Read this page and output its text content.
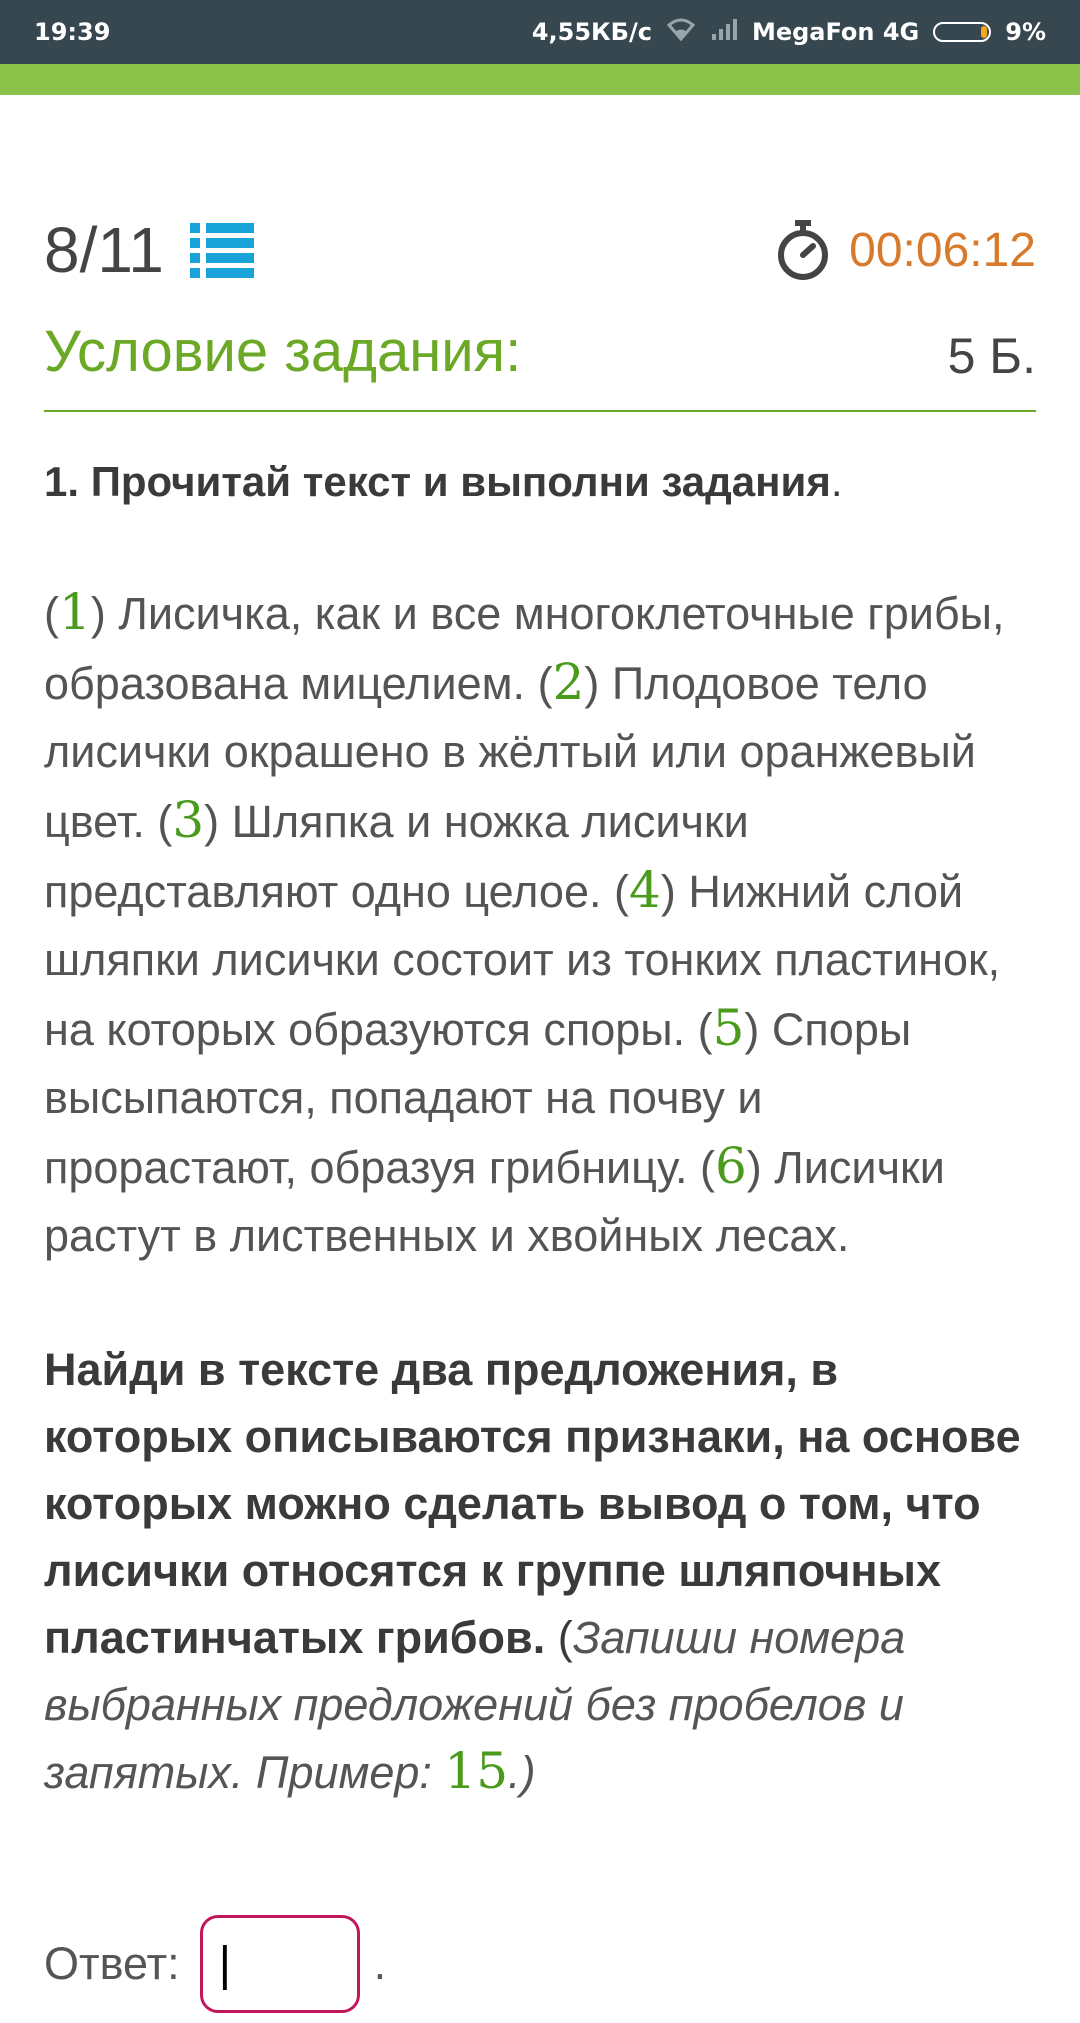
19:39	4,55КБ/с	MegaFon 4G	9%
8/11	00:06:12
Условие задания:	5 Б.

1. Прочитай текст и выполни задания.

(1) Лисичка, как и все многоклеточные грибы, образована мицелием. (2) Плодовое тело лисички окрашено в жёлтый или оранжевый цвет. (3) Шляпка и ножка лисички представляют одно целое. (4) Нижний слой шляпки лисички состоит из тонких пластинок, на которых образуются споры. (5) Споры высыпаются, попадают на почву и прорастают, образуя грибницу. (6) Лисички растут в лиственных и хвойных лесах.
Найди в тексте два предложения, в которых описываются признаки, на основе которых можно сделать вывод о том, что лисички относятся к группе шляпочных пластинчатых грибов. (Запиши номера выбранных предложений без пробелов и запятых. Пример: 15.)
Ответ:
|	.
